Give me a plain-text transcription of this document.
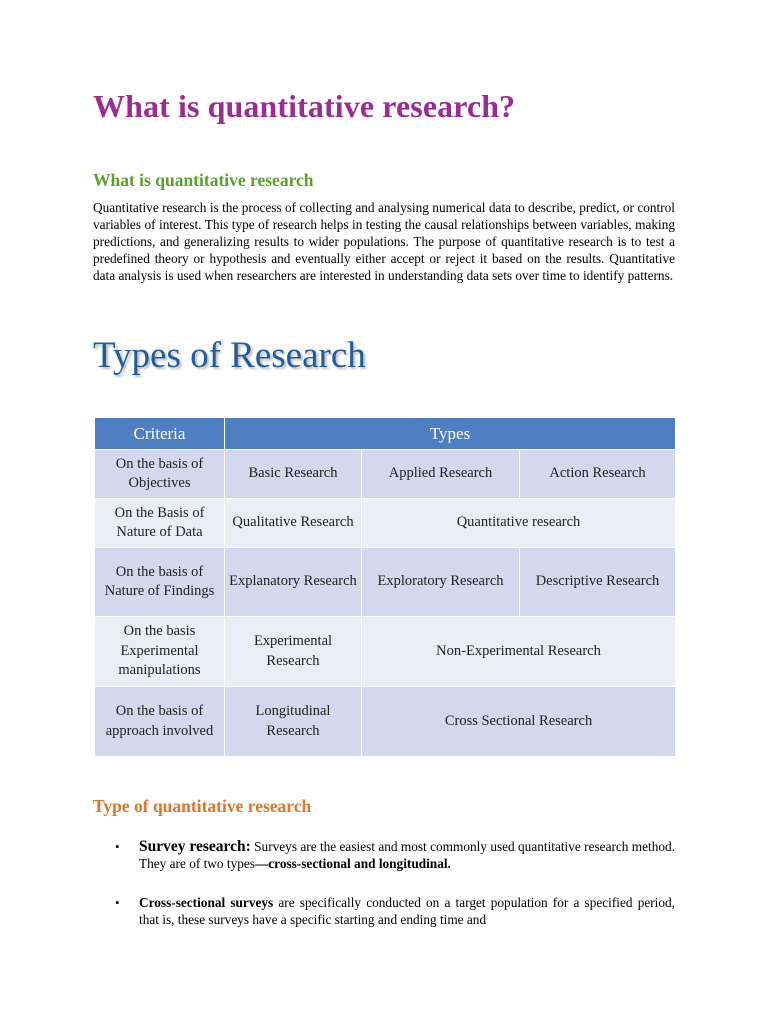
What is quantitative research?
What is quantitative research

Quantitative research is the process of collecting and analysing numerical data to describe, predict, or control variables of interest. This type of research helps in testing the causal relationships between variables, making predictions, and generalizing results to wider populations. The purpose of quantitative research is to test a predefined theory or hypothesis and eventually either accept or reject it based on the results. Quantitative data analysis is used when researchers are interested in understanding data sets over time to identify patterns.

Types of Research
Criteria	Types		
On the basis of Objectives	Basic Research	Applied Research	Action Research
On the Basis of Nature of Data	Qualitative Research	Quantitative research	
On the basis of Nature of Findings	Explanatory Research	Exploratory Research	Descriptive Research
On the basis Experimental manipulations	Experimental Research	Non-Experimental Research	
On the basis of approach involved	Longitudinal Research	Cross Sectional Research	
Type of quantitative research
• Survey research: Surveys are the easiest and most commonly used quantitative research method. They are of two types—cross-sectional and longitudinal.
• Cross-sectional surveys are specifically conducted on a target population for a specified period, that is, these surveys have a specific starting and ending time and
